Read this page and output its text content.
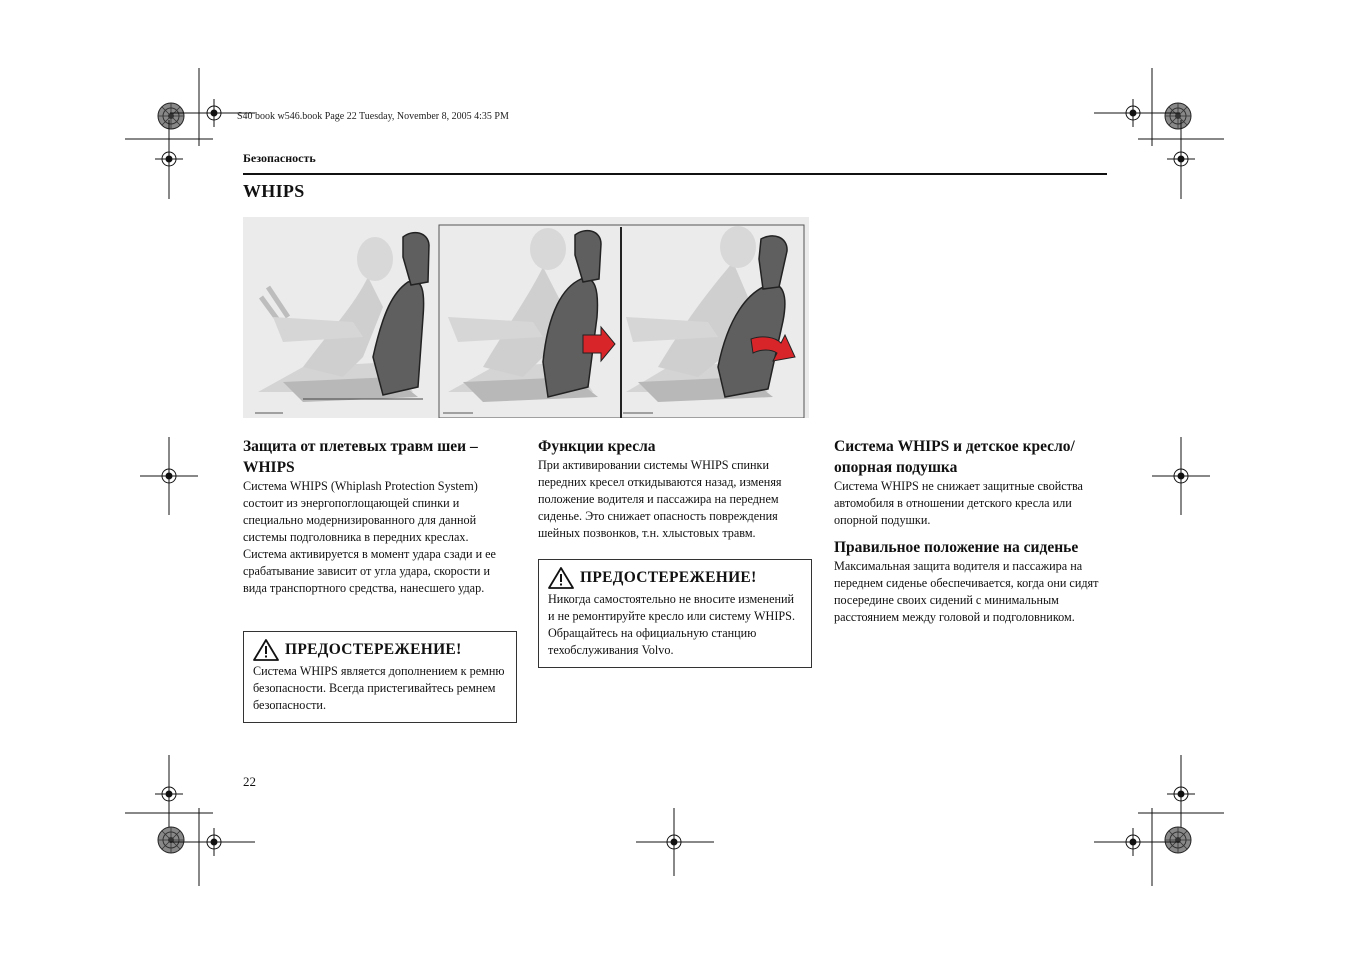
S40 book w546.book Page 22 Tuesday, November 8, 2005 4:35 PM
Безопасность
WHIPS
Защита от плетевых травм шеи – WHIPS

Система WHIPS (Whiplash Protection System) состоит из энергопоглощающей спинки и специально модернизированного для данной системы подголовника в передних креслах. Система активируется в момент удара сзади и ее срабатывание зависит от угла удара, скорости и вида транспортного средства, нанесшего удар.

ПРЕДОСТЕРЕЖЕНИЕ!
Система WHIPS является дополнением к ремню безопасности. Всегда пристегивайтесь ремнем безопасности.
Функции кресла

При активировании системы WHIPS спинки передних кресел откидываются назад, изменяя положение водителя и пассажира на переднем сиденье. Это снижает опасность повреждения шейных позвонков, т.н. хлыстовых травм.

ПРЕДОСТЕРЕЖЕНИЕ!
Никогда самостоятельно не вносите изменений и не ремонтируйте кресло или систему WHIPS. Обращайтесь на официальную станцию техобслуживания Volvo.
Система WHIPS и детское кресло/ опорная подушка

Система WHIPS не снижает защитные свойства автомобиля в отношении детского кресла или опорной подушки.

Правильное положение на сиденье

Максимальная защита водителя и пассажира на переднем сиденье обеспечивается, когда они сидят посередине своих сидений с минимальным расстоянием между головой и подголовником.

22
